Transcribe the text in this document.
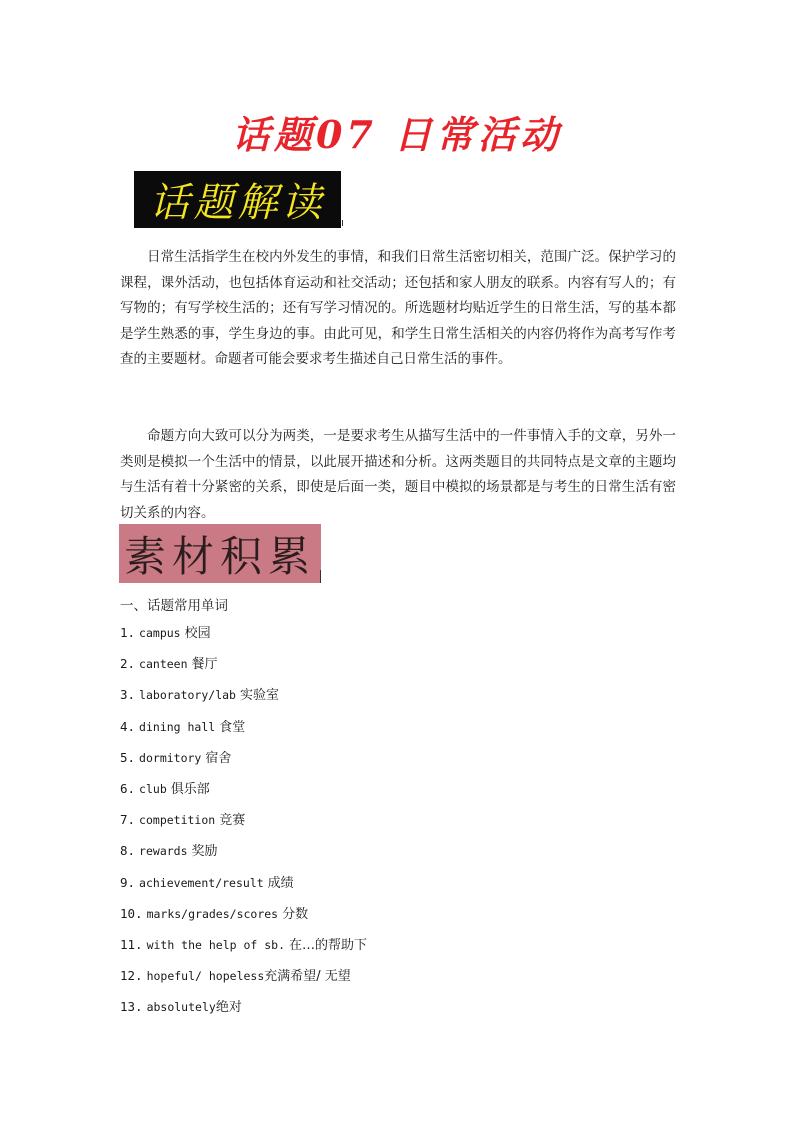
话题07 日常活动
话题解读

日常生活指学生在校内外发生的事情，和我们日常生活密切相关，范围广泛。保护学习的课程，课外活动，也包括体育运动和社交活动；还包括和家人朋友的联系。内容有写人的；有写物的；有写学校生活的；还有写学习情况的。所选题材均贴近学生的日常生活，写的基本都是学生熟悉的事，学生身边的事。由此可见，和学生日常生活相关的内容仍将作为高考写作考查的主要题材。命题者可能会要求考生描述自己日常生活的事件。

命题方向大致可以分为两类，一是要求考生从描写生活中的一件事情入手的文章，另外一类则是模拟一个生活中的情景，以此展开描述和分析。这两类题目的共同特点是文章的主题均与生活有着十分紧密的关系，即使是后面一类，题目中模拟的场景都是与考生的日常生活有密切关系的内容。

素材积累
一、话题常用单词
1. campus 校园
2. canteen 餐厅
3. laboratory/lab 实验室
4. dining hall 食堂
5. dormitory 宿舍
6. club 俱乐部
7. competition 竞赛
8. rewards 奖励
9. achievement/result 成绩
10. marks/grades/scores 分数
11. with the help of sb. 在…的帮助下
12. hopeful/ hopeless充满希望/ 无望
13. absolutely绝对
